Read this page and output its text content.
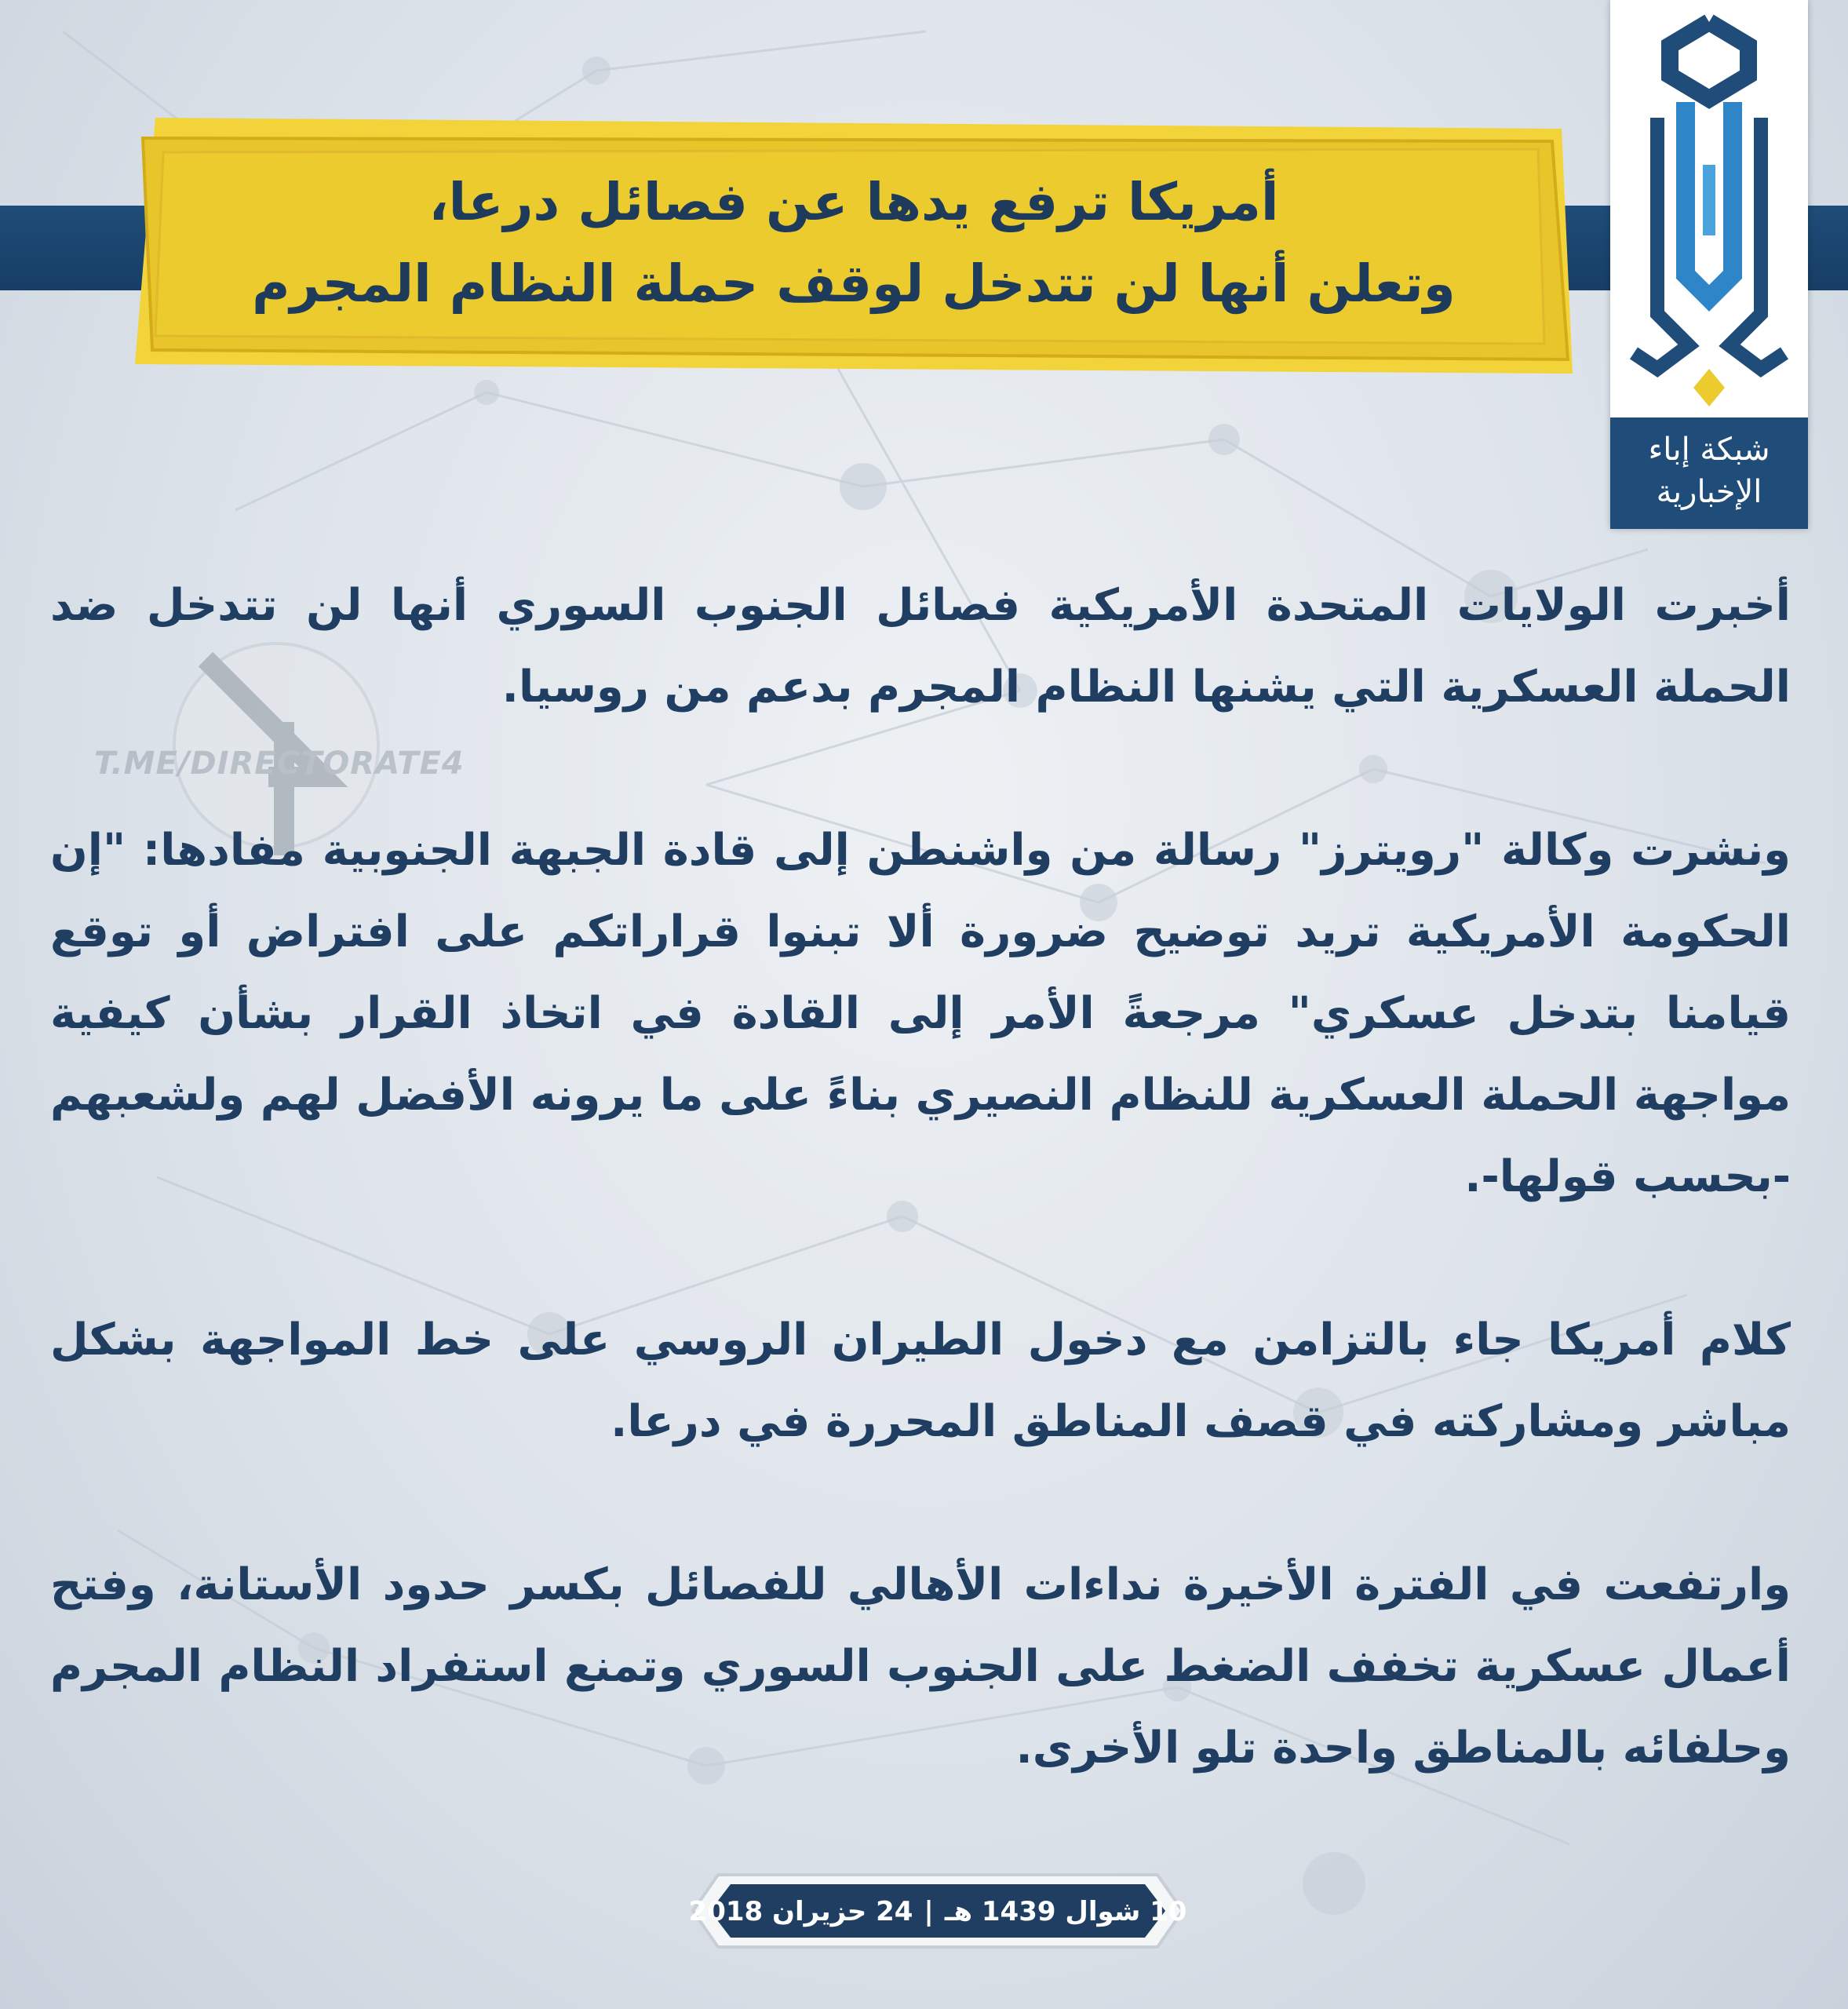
أمريكا ترفع يدها عن فصائل درعا،
وتعلن أنها لن تتدخل لوقف حملة النظام المجرم
شبكة إباء
الإخبارية
T.ME/DIRECTORATE4

أخبرت الولايات المتحدة الأمريكية فصائل الجنوب السوري أنها لن تتدخل ضد الحملة العسكرية التي يشنها النظام المجرم بدعم من روسيا.

ونشرت وكالة "رويترز" رسالة من واشنطن إلى قادة الجبهة الجنوبية مفادها: "إن الحكومة الأمريكية تريد توضيح ضرورة ألا تبنوا قراراتكم على افتراض أو توقع قيامنا بتدخل عسكري" مرجعةً الأمر إلى القادة في اتخاذ القرار بشأن كيفية مواجهة الحملة العسكرية للنظام النصيري بناءً على ما يرونه الأفضل لهم ولشعبهم -بحسب قولها-.

كلام أمريكا جاء بالتزامن مع دخول الطيران الروسي على خط المواجهة بشكل مباشر ومشاركته في قصف المناطق المحررة في درعا.

وارتفعت في الفترة الأخيرة نداءات الأهالي للفصائل بكسر حدود الأستانة، وفتح أعمال عسكرية تخفف الضغط على الجنوب السوري وتمنع استفراد النظام المجرم وحلفائه بالمناطق واحدة تلو الأخرى.

10 شوال 1439 هـ|24 حزيران 2018
